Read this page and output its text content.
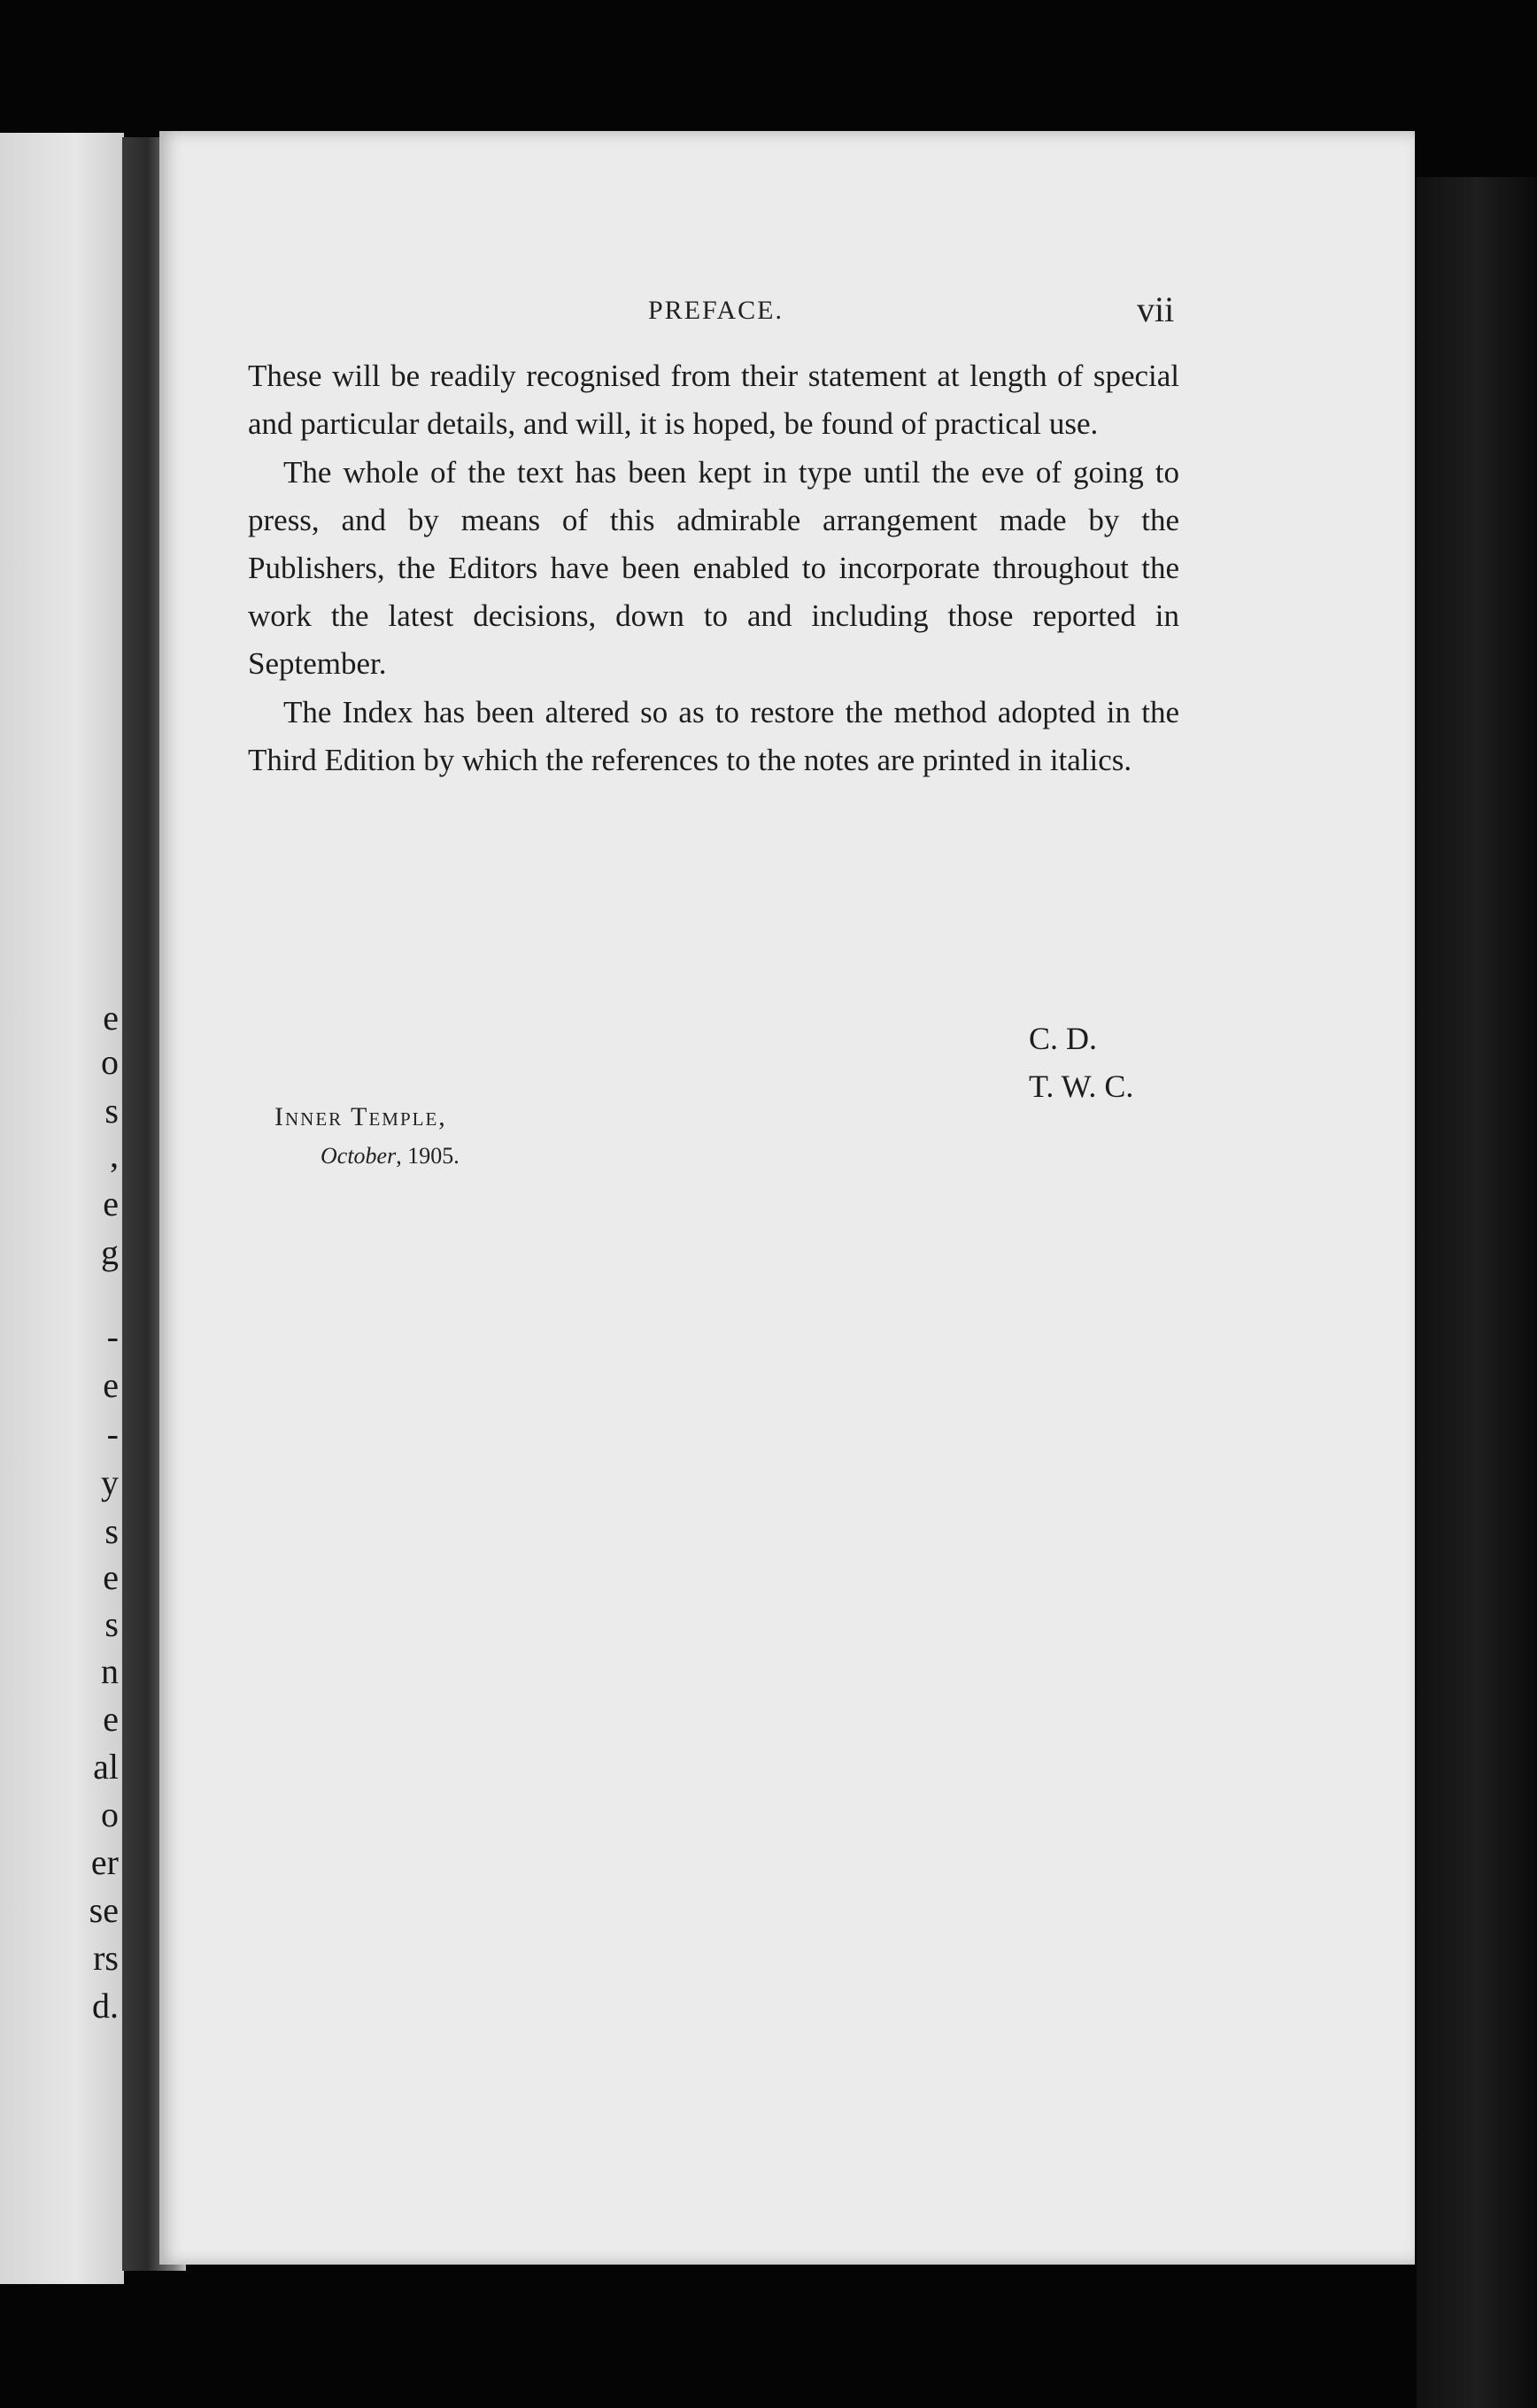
e
o
s
,
e
g
-
e
-
y
s
e
s
n
e
al
o
er
se
rs
d.
PREFACE.	vii

These will be readily recognised from their statement at length of special and particular details, and will, it is hoped, be found of practical use.

The whole of the text has been kept in type until the eve of going to press, and by means of this admirable arrangement made by the Publishers, the Editors have been enabled to incorporate throughout the work the latest decisions, down to and including those reported in September.

The Index has been altered so as to restore the method adopted in the Third Edition by which the references to the notes are printed in italics.

C. D.
T. W. C.
Inner Temple,
October, 1905.
